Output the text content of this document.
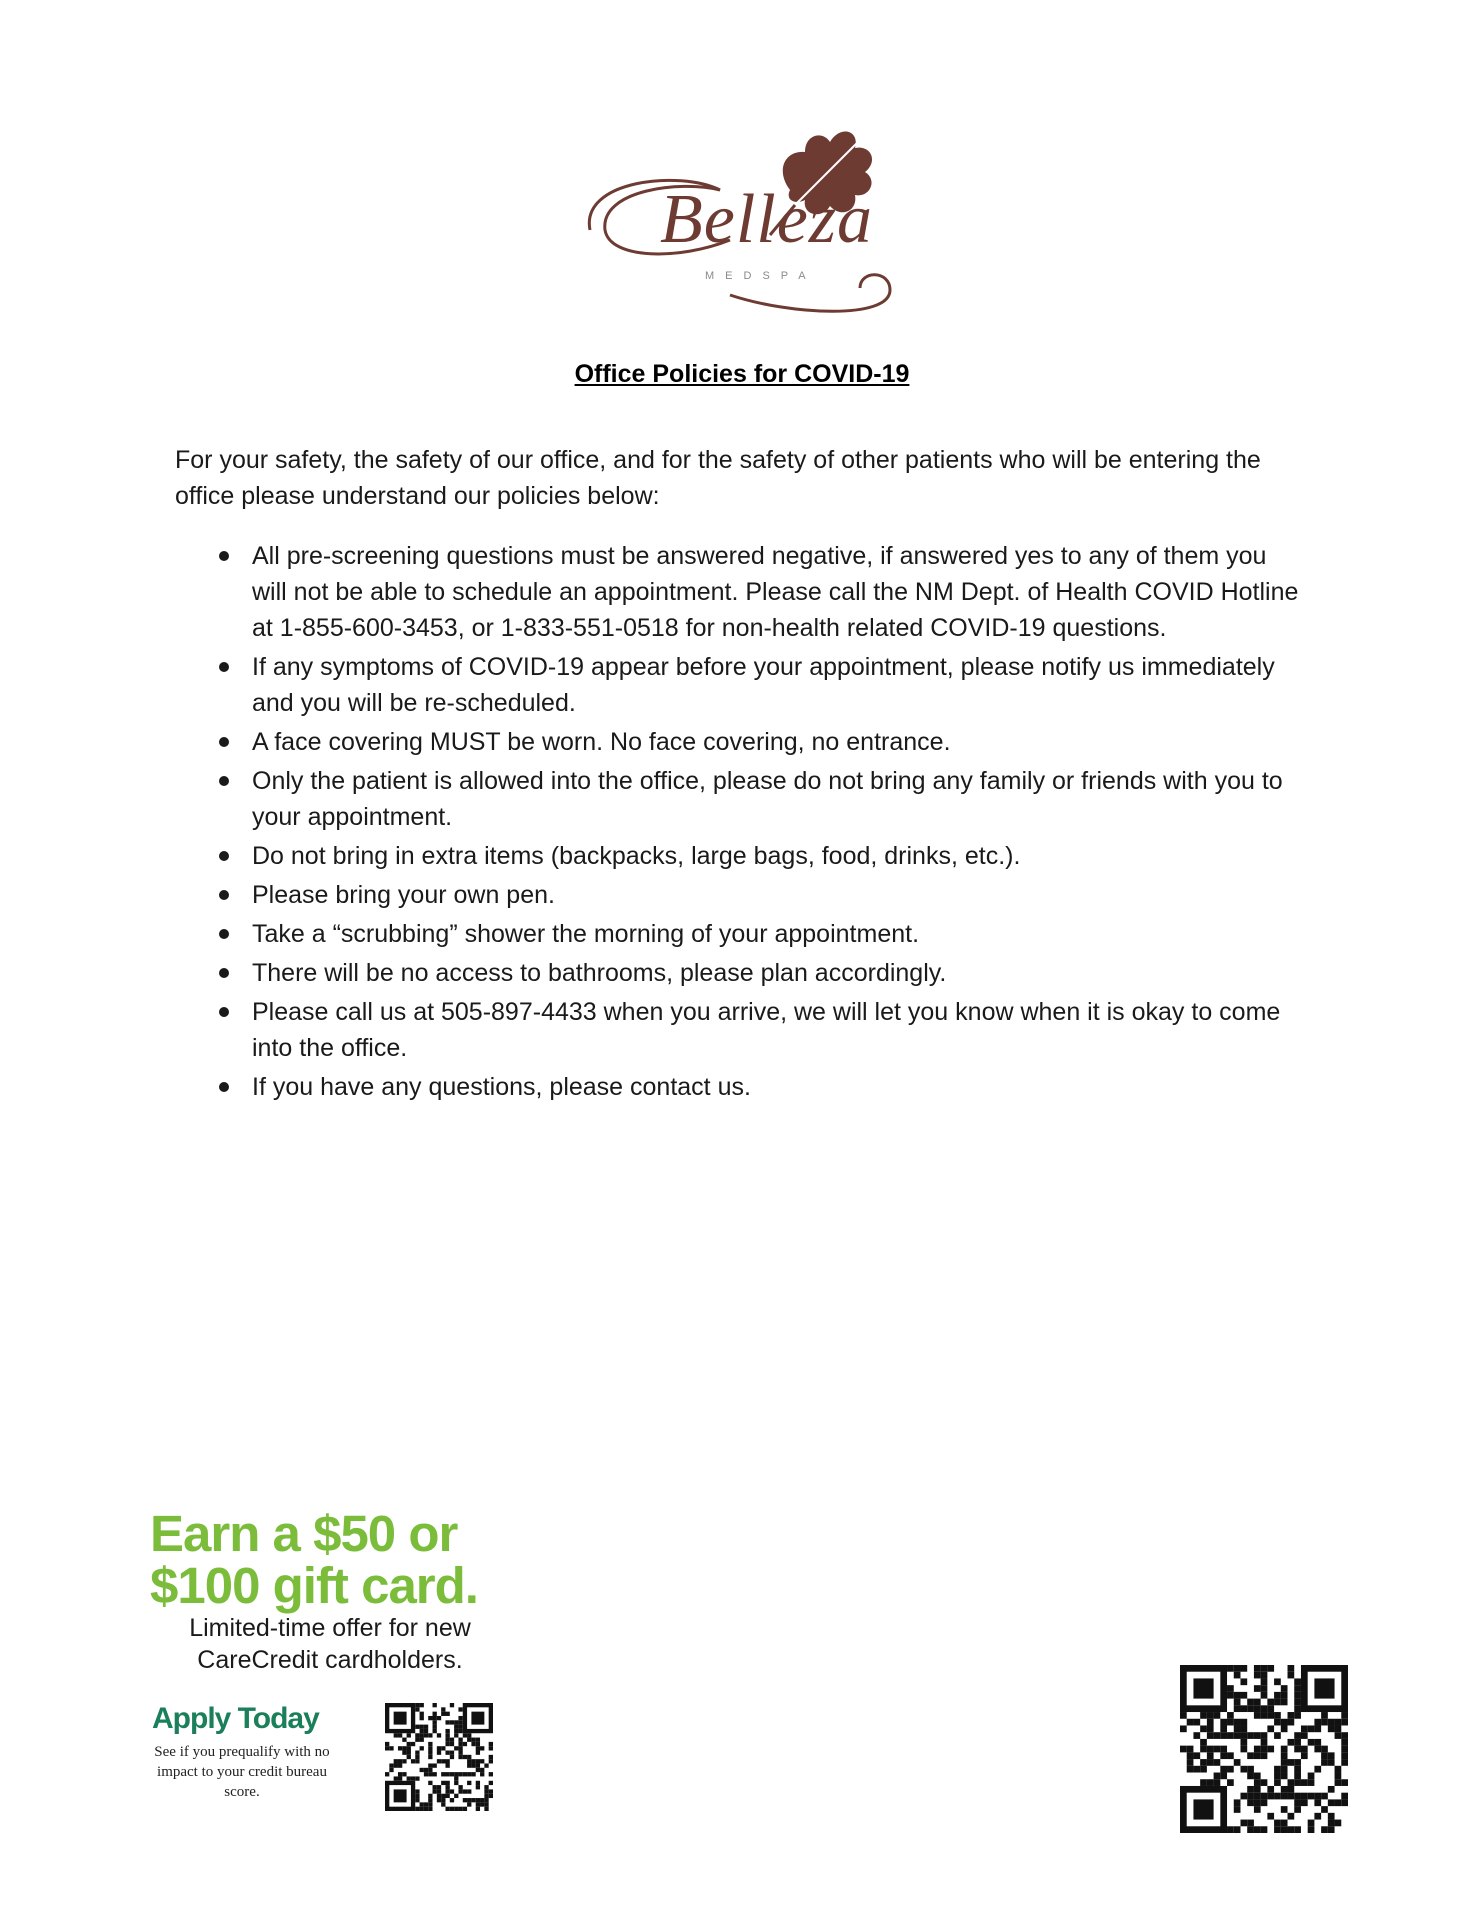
Belleza
MEDSPA
Office Policies for COVID-19
For your safety, the safety of our office, and for the safety of other patients who will be entering the office please understand our policies below:
All pre-screening questions must be answered negative, if answered yes to any of them you will not be able to schedule an appointment. Please call the NM Dept. of Health COVID Hotline at 1-855-600-3453, or 1-833-551-0518 for non-health related COVID-19 questions.
If any symptoms of COVID-19 appear before your appointment, please notify us immediately and you will be re-scheduled.
A face covering MUST be worn. No face covering, no entrance.
Only the patient is allowed into the office, please do not bring any family or friends with you to your appointment.
Do not bring in extra items (backpacks, large bags, food, drinks, etc.).
Please bring your own pen.
Take a “scrubbing” shower the morning of your appointment.
There will be no access to bathrooms, please plan accordingly.
Please call us at 505-897-4433 when you arrive, we will let you know when it is okay to come into the office.
If you have any questions, please contact us.
Earn a $50 or $100 gift card.
Limited-time offer for new CareCredit cardholders.
Apply Today
See if you prequalify with no impact to your credit bureau score.
